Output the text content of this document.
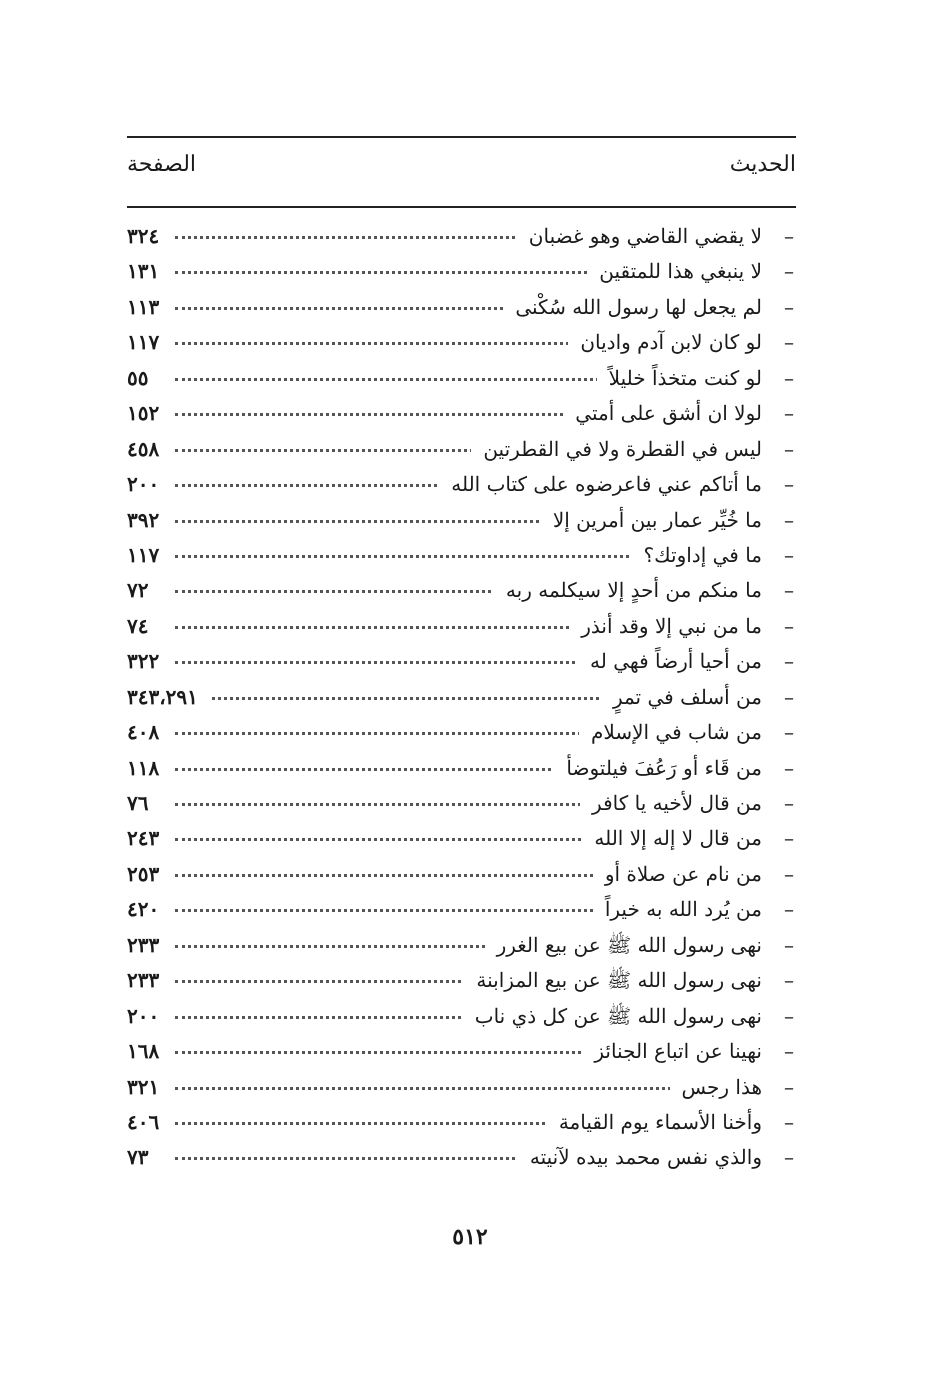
الحديث
الصفحة
–
لا يقضي القاضي وهو غضبان
٣٢٤
–
لا ينبغي هذا للمتقين
١٣١
–
لم يجعل لها رسول الله سُكْنى
١١٣
–
لو كان لابن آدم واديان
١١٧
–
لو كنت متخذاً خليلاً
٥٥
–
لولا ان أشق على أمتي
١٥٢
–
ليس في القطرة ولا في القطرتين
٤٥٨
–
ما أتاكم عني فاعرضوه على كتاب الله
٢٠٠
–
ما خُيِّر عمار بين أمرين إلا
٣٩٢
–
ما في إداوتك؟
١١٧
–
ما منكم من أحدٍ إلا سيكلمه ربه
٧٢
–
ما من نبي إلا وقد أنذر
٧٤
–
من أحيا أرضاً فهي له
٣٢٢
–
من أسلف في تمرٍ
٣٤٣،٢٩١
–
من شاب في الإسلام
٤٠٨
–
من قَاء أو رَعُفَ فيلتوضأ
١١٨
–
من قال لأخيه يا كافر
٧٦
–
من قال لا إله إلا الله
٢٤٣
–
من نام عن صلاة أو
٢٥٣
–
من يُرد الله به خيراً
٤٢٠
–
نهى رسول الله ﷺ عن بيع الغرر
٢٣٣
–
نهى رسول الله ﷺ عن بيع المزابنة
٢٣٣
–
نهى رسول الله ﷺ عن كل ذي ناب
٢٠٠
–
نهينا عن اتباع الجنائز
١٦٨
–
هذا رجس
٣٢١
–
وأخنا الأسماء يوم القيامة
٤٠٦
–
والذي نفس محمد بيده لآنيته
٧٣
٥١٢
